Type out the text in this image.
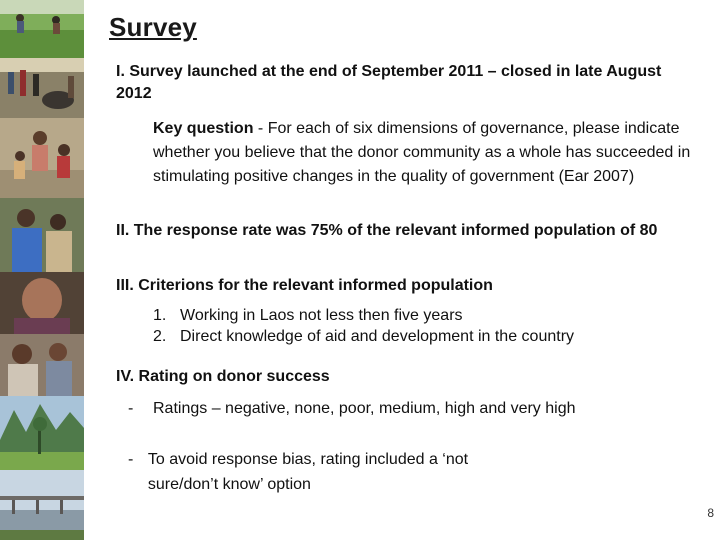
Survey
I. Survey launched at the end of September 2011 – closed in late August 2012
Key question - For each of six dimensions of governance, please indicate whether you believe that the donor community as a whole has succeeded in stimulating positive changes in the quality of government (Ear 2007)
II. The response rate was 75% of the relevant informed population of 80
III. Criterions for the relevant informed population
1. Working in Laos not less then five years
2. Direct knowledge of aid and development in the country
IV. Rating on donor success
-	Ratings – negative, none, poor, medium, high and very high
- To avoid response bias, rating included a ‘not sure/don’t know’ option
8
